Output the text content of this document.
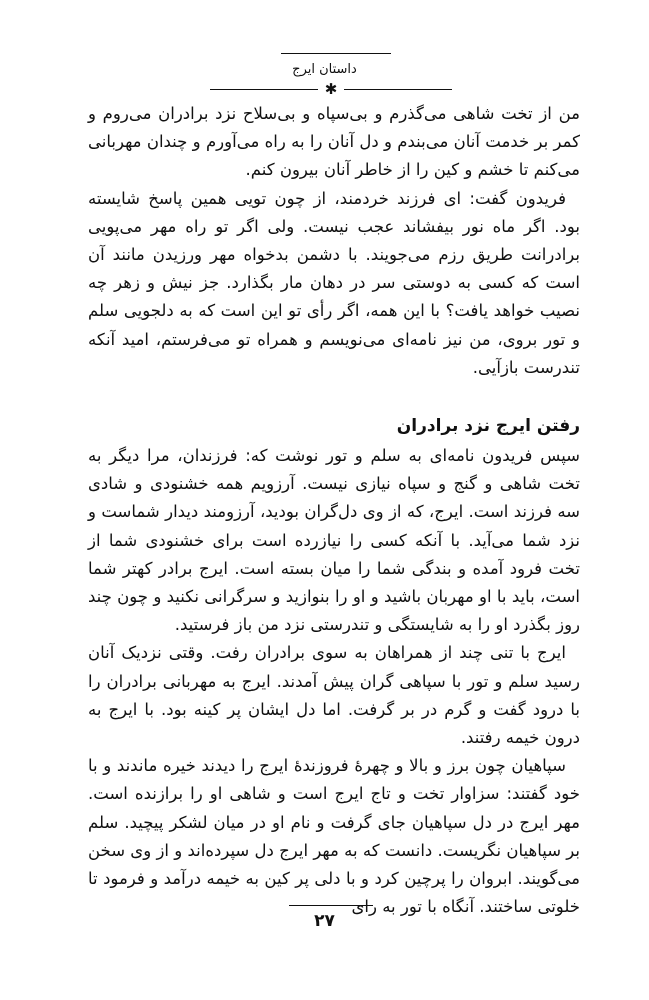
داستان ایرج
✱

من از تخت شاهی می‌گذرم و بی‌سپاه و بی‌سلاح نزد برادران می‌روم و کمر بر خدمت آنان می‌بندم و دل آنان را به راه می‌آورم و چندان مهربانی می‌کنم تا خشم و کین را از خاطر آنان بیرون کنم.

فریدون گفت: ای فرزند خردمند، از چون تویی همین پاسخ شایسته بود. اگر ماه نور بیفشاند عجب نیست. ولی اگر تو راه مهر می‌پویی برادرانت طریق رزم می‌جویند. با دشمن بدخواه مهر ورزیدن مانند آن است که کسی به دوستی سر در دهان مار بگذارد. جز نیش و زهر چه نصیب خواهد یافت؟ با این همه، اگر رأی تو این است که به دلجویی سلم و تور بروی، من نیز نامه‌ای می‌نویسم و همراه تو می‌فرستم، امید آنکه تندرست بازآیی.

رفتن ایرج نزد برادران

سپس فریدون نامه‌ای به سلم و تور نوشت که: فرزندان، مرا دیگر به تخت شاهی و گنج و سپاه نیازی نیست. آرزویم همه خشنودی و شادی سه فرزند است. ایرج، که از وی دل‌گران بودید، آرزومند دیدار شماست و نزد شما می‌آید. با آنکه کسی را نیازرده است برای خشنودی شما از تخت فرود آمده و بندگی شما را میان بسته است. ایرج برادر کهتر شما است، باید با او مهربان باشید و او را بنوازید و سرگرانی نکنید و چون چند روز بگذرد او را به شایستگی و تندرستی نزد من باز فرستید.

ایرج با تنی چند از همراهان به سوی برادران رفت. وقتی نزدیک آنان رسید سلم و تور با سپاهی گران پیش آمدند. ایرج به مهربانی برادران را با درود گفت و گرم در بر گرفت. اما دل ایشان پر کینه بود. با ایرج به درون خیمه رفتند.

سپاهیان چون برز و بالا و چهرهٔ فروزندهٔ ایرج را دیدند خیره ماندند و با خود گفتند: سزاوار تخت و تاج ایرج است و شاهی او را برازنده است. مهر ایرج در دل سپاهیان جای گرفت و نام او در میان لشکر پیچید. سلم بر سپاهیان نگریست. دانست که به مهر ایرج دل سپرده‌اند و از وی سخن می‌گویند. ابروان را پرچین کرد و با دلی پر کین به خیمه درآمد و فرمود تا خلوتی ساختند. آنگاه با تور به رای

۲۷
